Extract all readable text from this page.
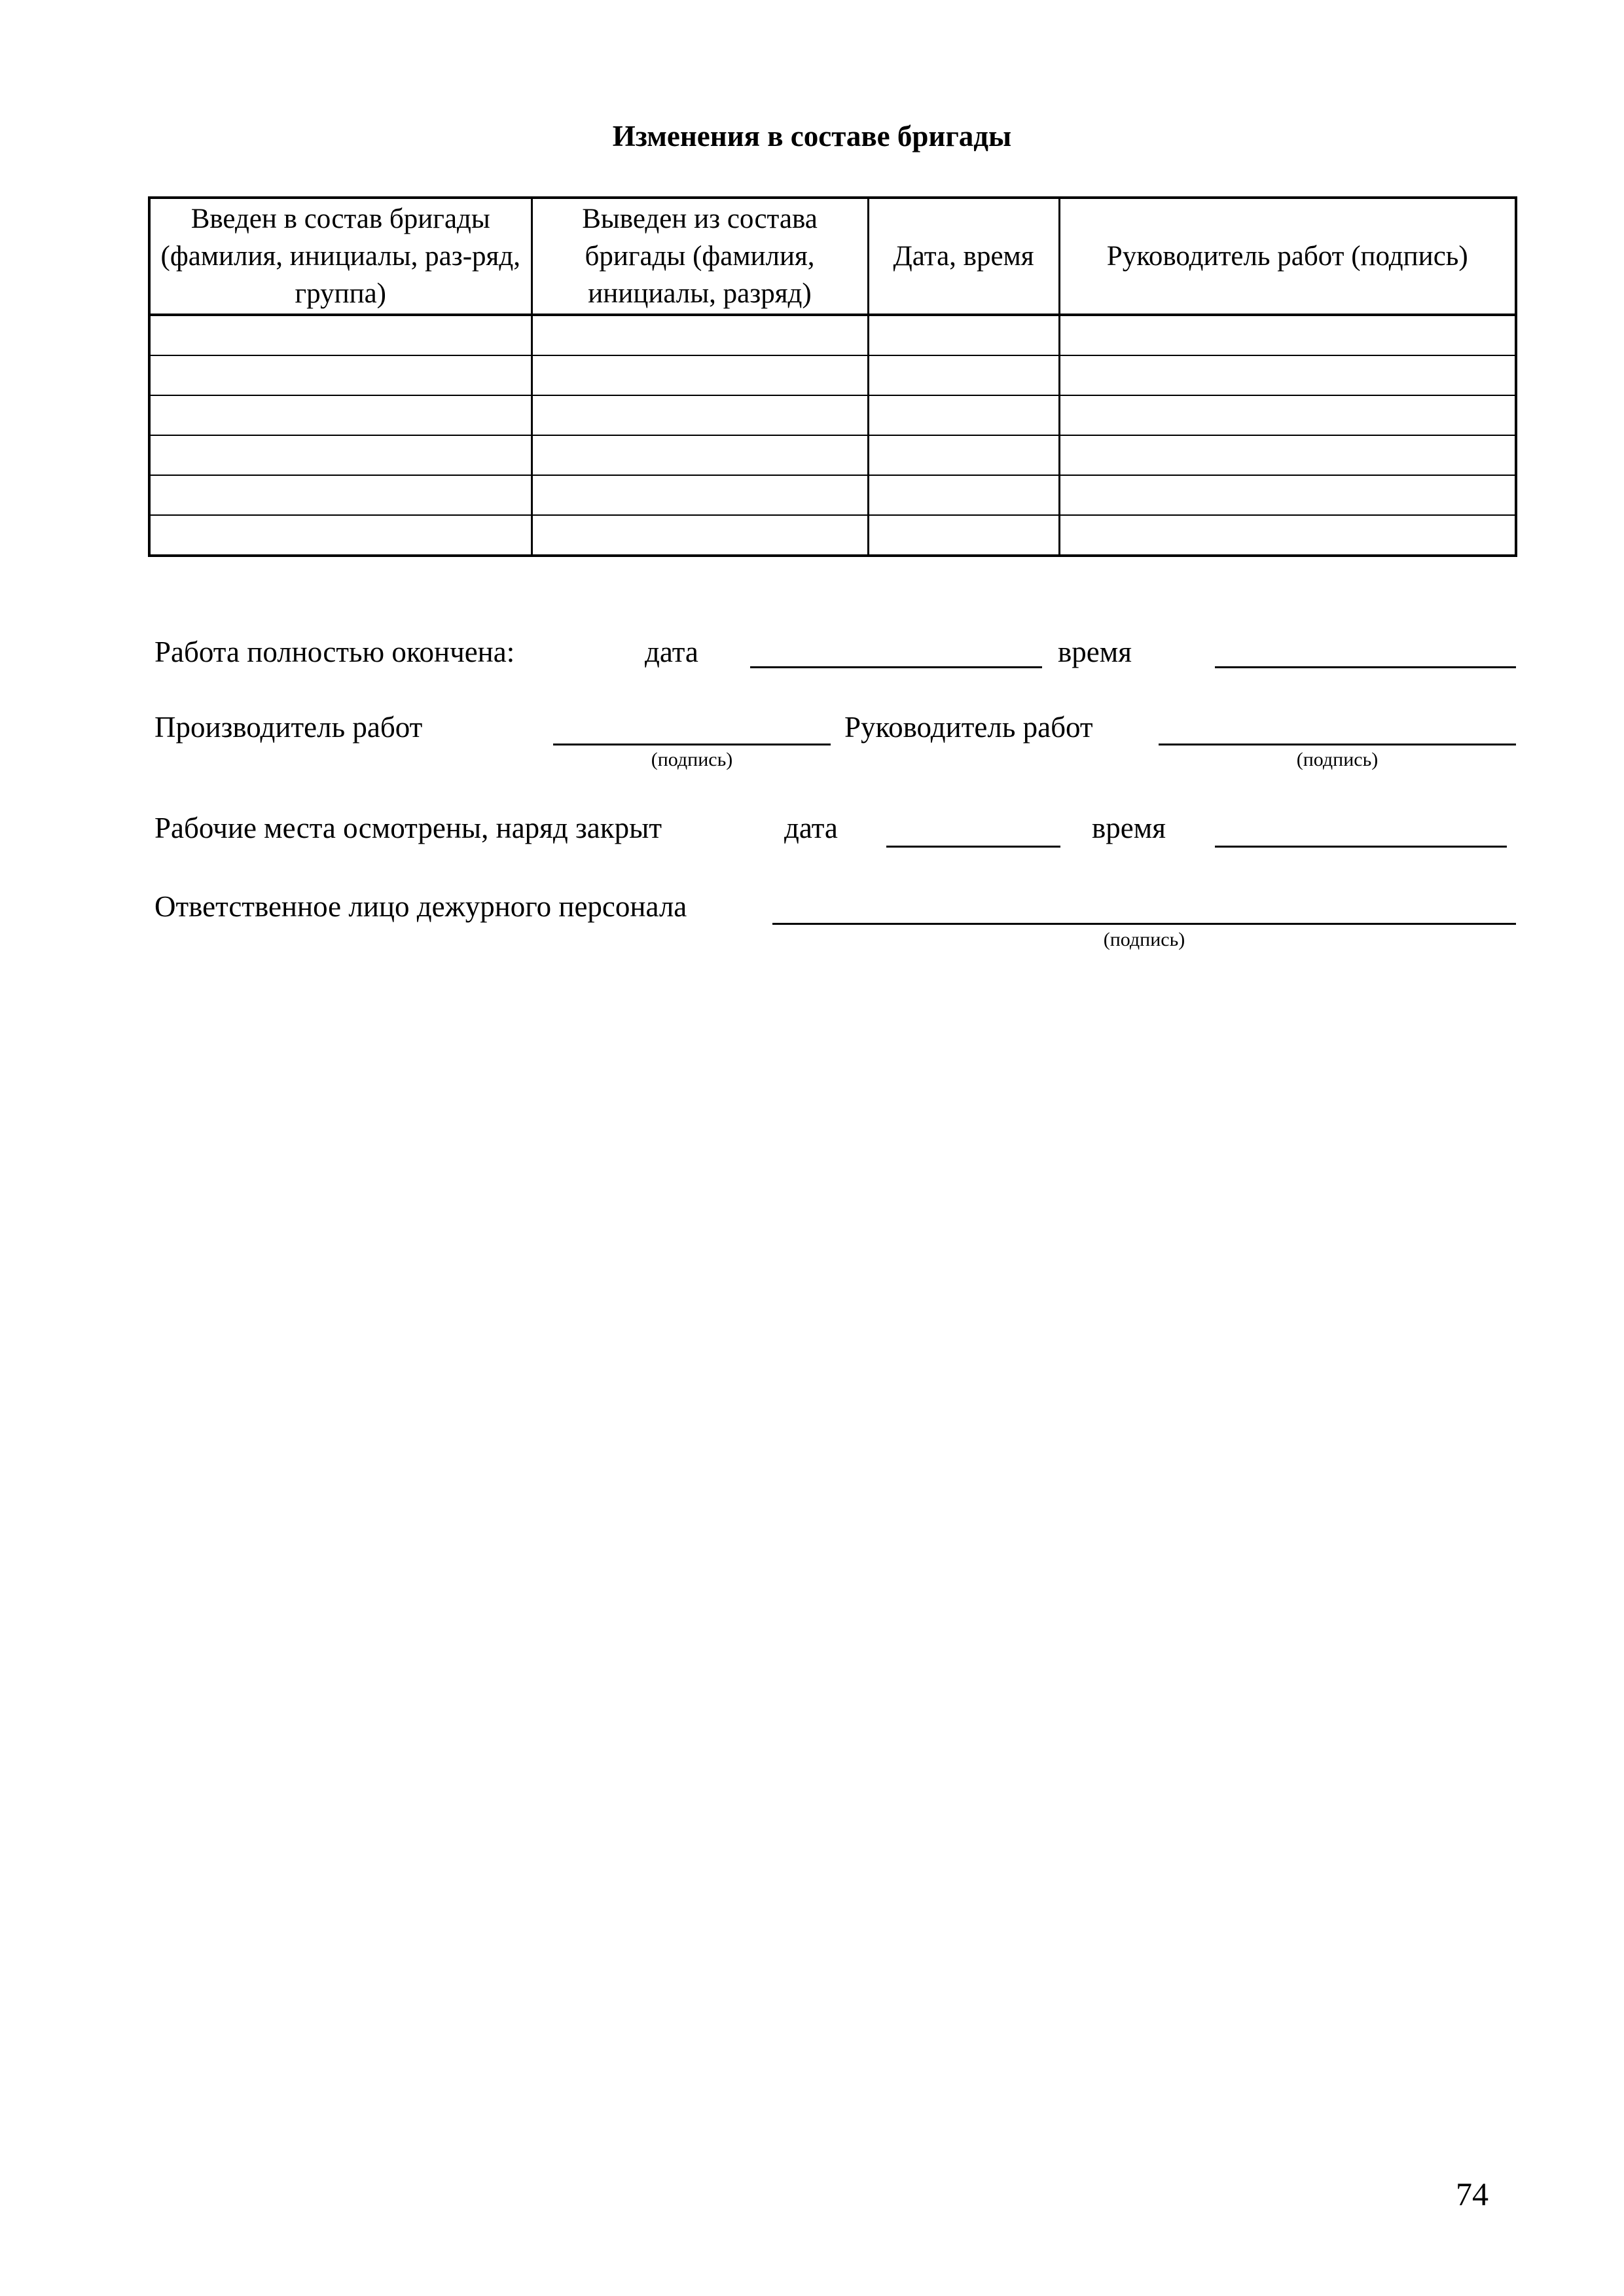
Изменения в составе бригады
Введен в состав бригады (фамилия, инициалы, раз-ряд, группа)	Выведен из состава бригады (фамилия, инициалы, разряд)	Дата, время	Руководитель работ (подпись)

Работа полностью окончена:	дата	время
Производитель работ
(подпись)
Руководитель работ
(подпись)
Рабочие места осмотрены, наряд закрыт	дата	время
Ответственное лицо дежурного персонала
(подпись)
74
